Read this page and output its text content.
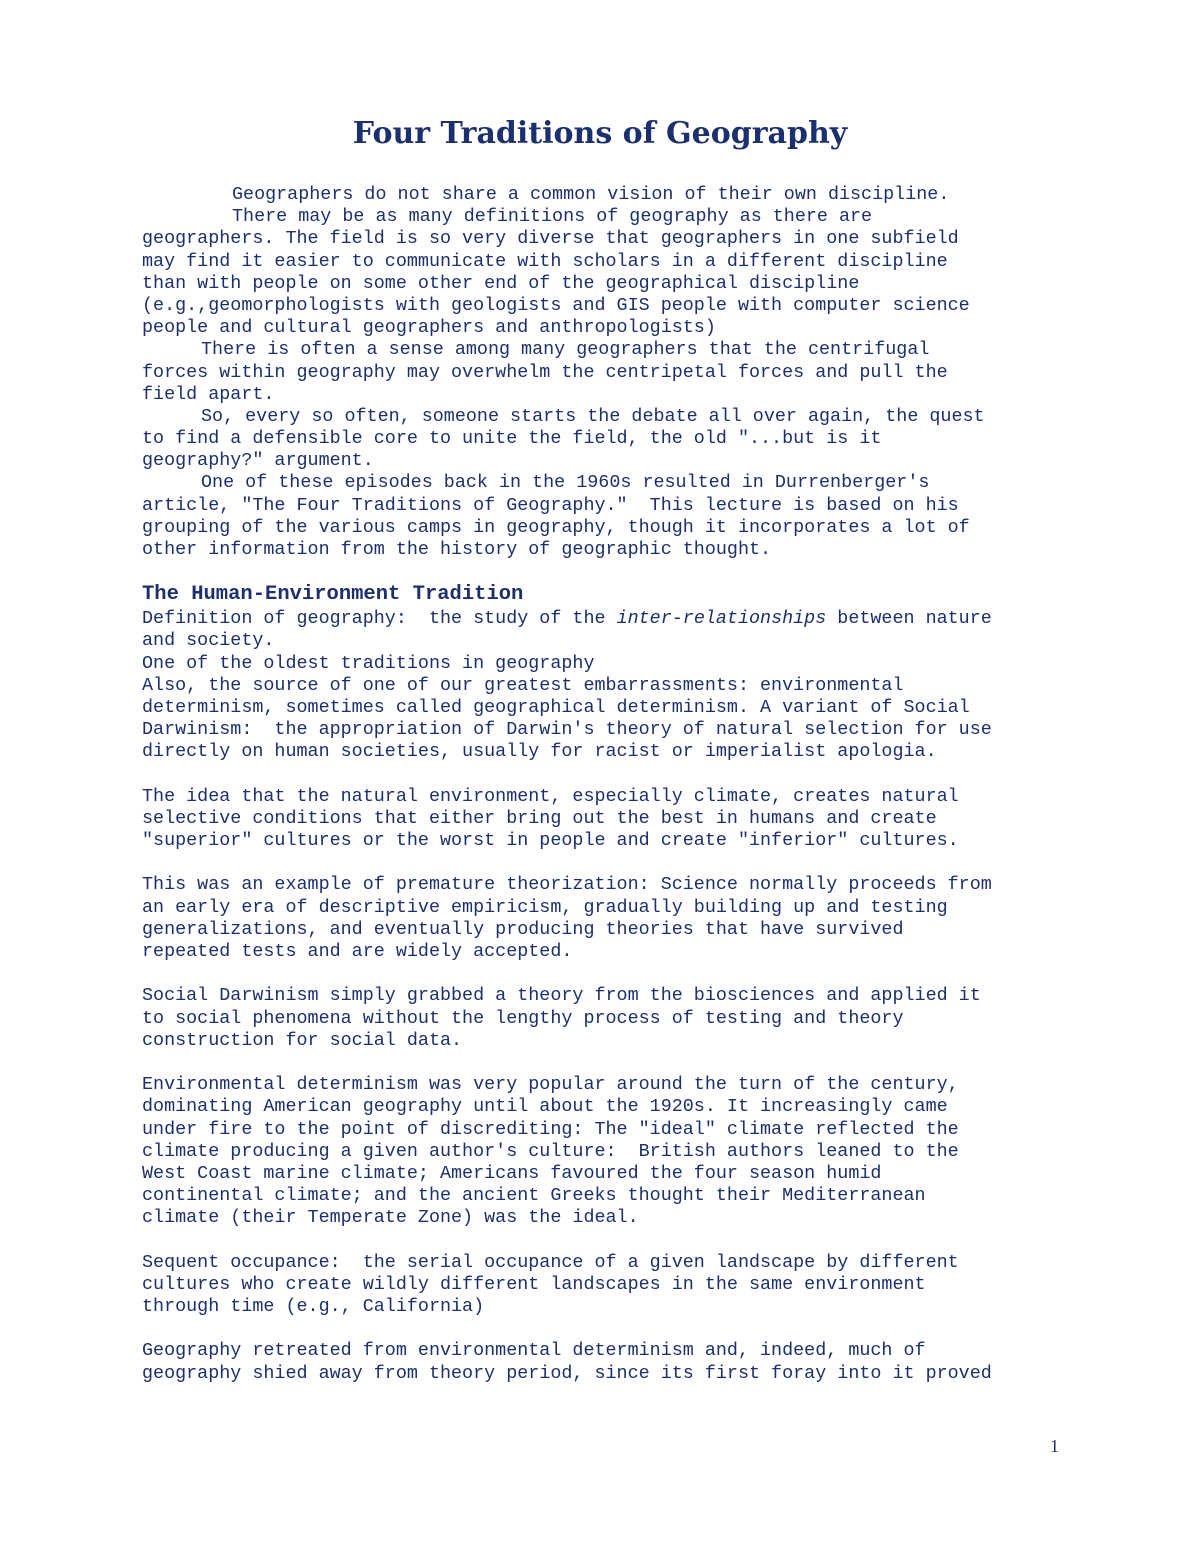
Four Traditions of Geography
Geographers do not share a common vision of their own discipline.
There may be as many definitions of geography as there are
geographers. The field is so very diverse that geographers in one subfield
may find it easier to communicate with scholars in a different discipline
than with people on some other end of the geographical discipline
(e.g.,geomorphologists with geologists and GIS people with computer science
people and cultural geographers and anthropologists)
There is often a sense among many geographers that the centrifugal
forces within geography may overwhelm the centripetal forces and pull the
field apart.
So, every so often, someone starts the debate all over again, the quest
to find a defensible core to unite the field, the old "...but is it
geography?" argument.
One of these episodes back in the 1960s resulted in Durrenberger's
article, "The Four Traditions of Geography."  This lecture is based on his
grouping of the various camps in geography, though it incorporates a lot of
other information from the history of geographic thought.
The Human-Environment Tradition
Definition of geography:  the study of the inter-relationships between nature
and society.
One of the oldest traditions in geography
Also, the source of one of our greatest embarrassments: environmental
determinism, sometimes called geographical determinism. A variant of Social
Darwinism:  the appropriation of Darwin's theory of natural selection for use
directly on human societies, usually for racist or imperialist apologia.
The idea that the natural environment, especially climate, creates natural
selective conditions that either bring out the best in humans and create
"superior" cultures or the worst in people and create "inferior" cultures.
This was an example of premature theorization: Science normally proceeds from
an early era of descriptive empiricism, gradually building up and testing
generalizations, and eventually producing theories that have survived
repeated tests and are widely accepted.
Social Darwinism simply grabbed a theory from the biosciences and applied it
to social phenomena without the lengthy process of testing and theory
construction for social data.
Environmental determinism was very popular around the turn of the century,
dominating American geography until about the 1920s. It increasingly came
under fire to the point of discrediting: The "ideal" climate reflected the
climate producing a given author's culture:  British authors leaned to the
West Coast marine climate; Americans favoured the four season humid
continental climate; and the ancient Greeks thought their Mediterranean
climate (their Temperate Zone) was the ideal.
Sequent occupance:  the serial occupance of a given landscape by different
cultures who create wildly different landscapes in the same environment
through time (e.g., California)
Geography retreated from environmental determinism and, indeed, much of
geography shied away from theory period, since its first foray into it proved
1
